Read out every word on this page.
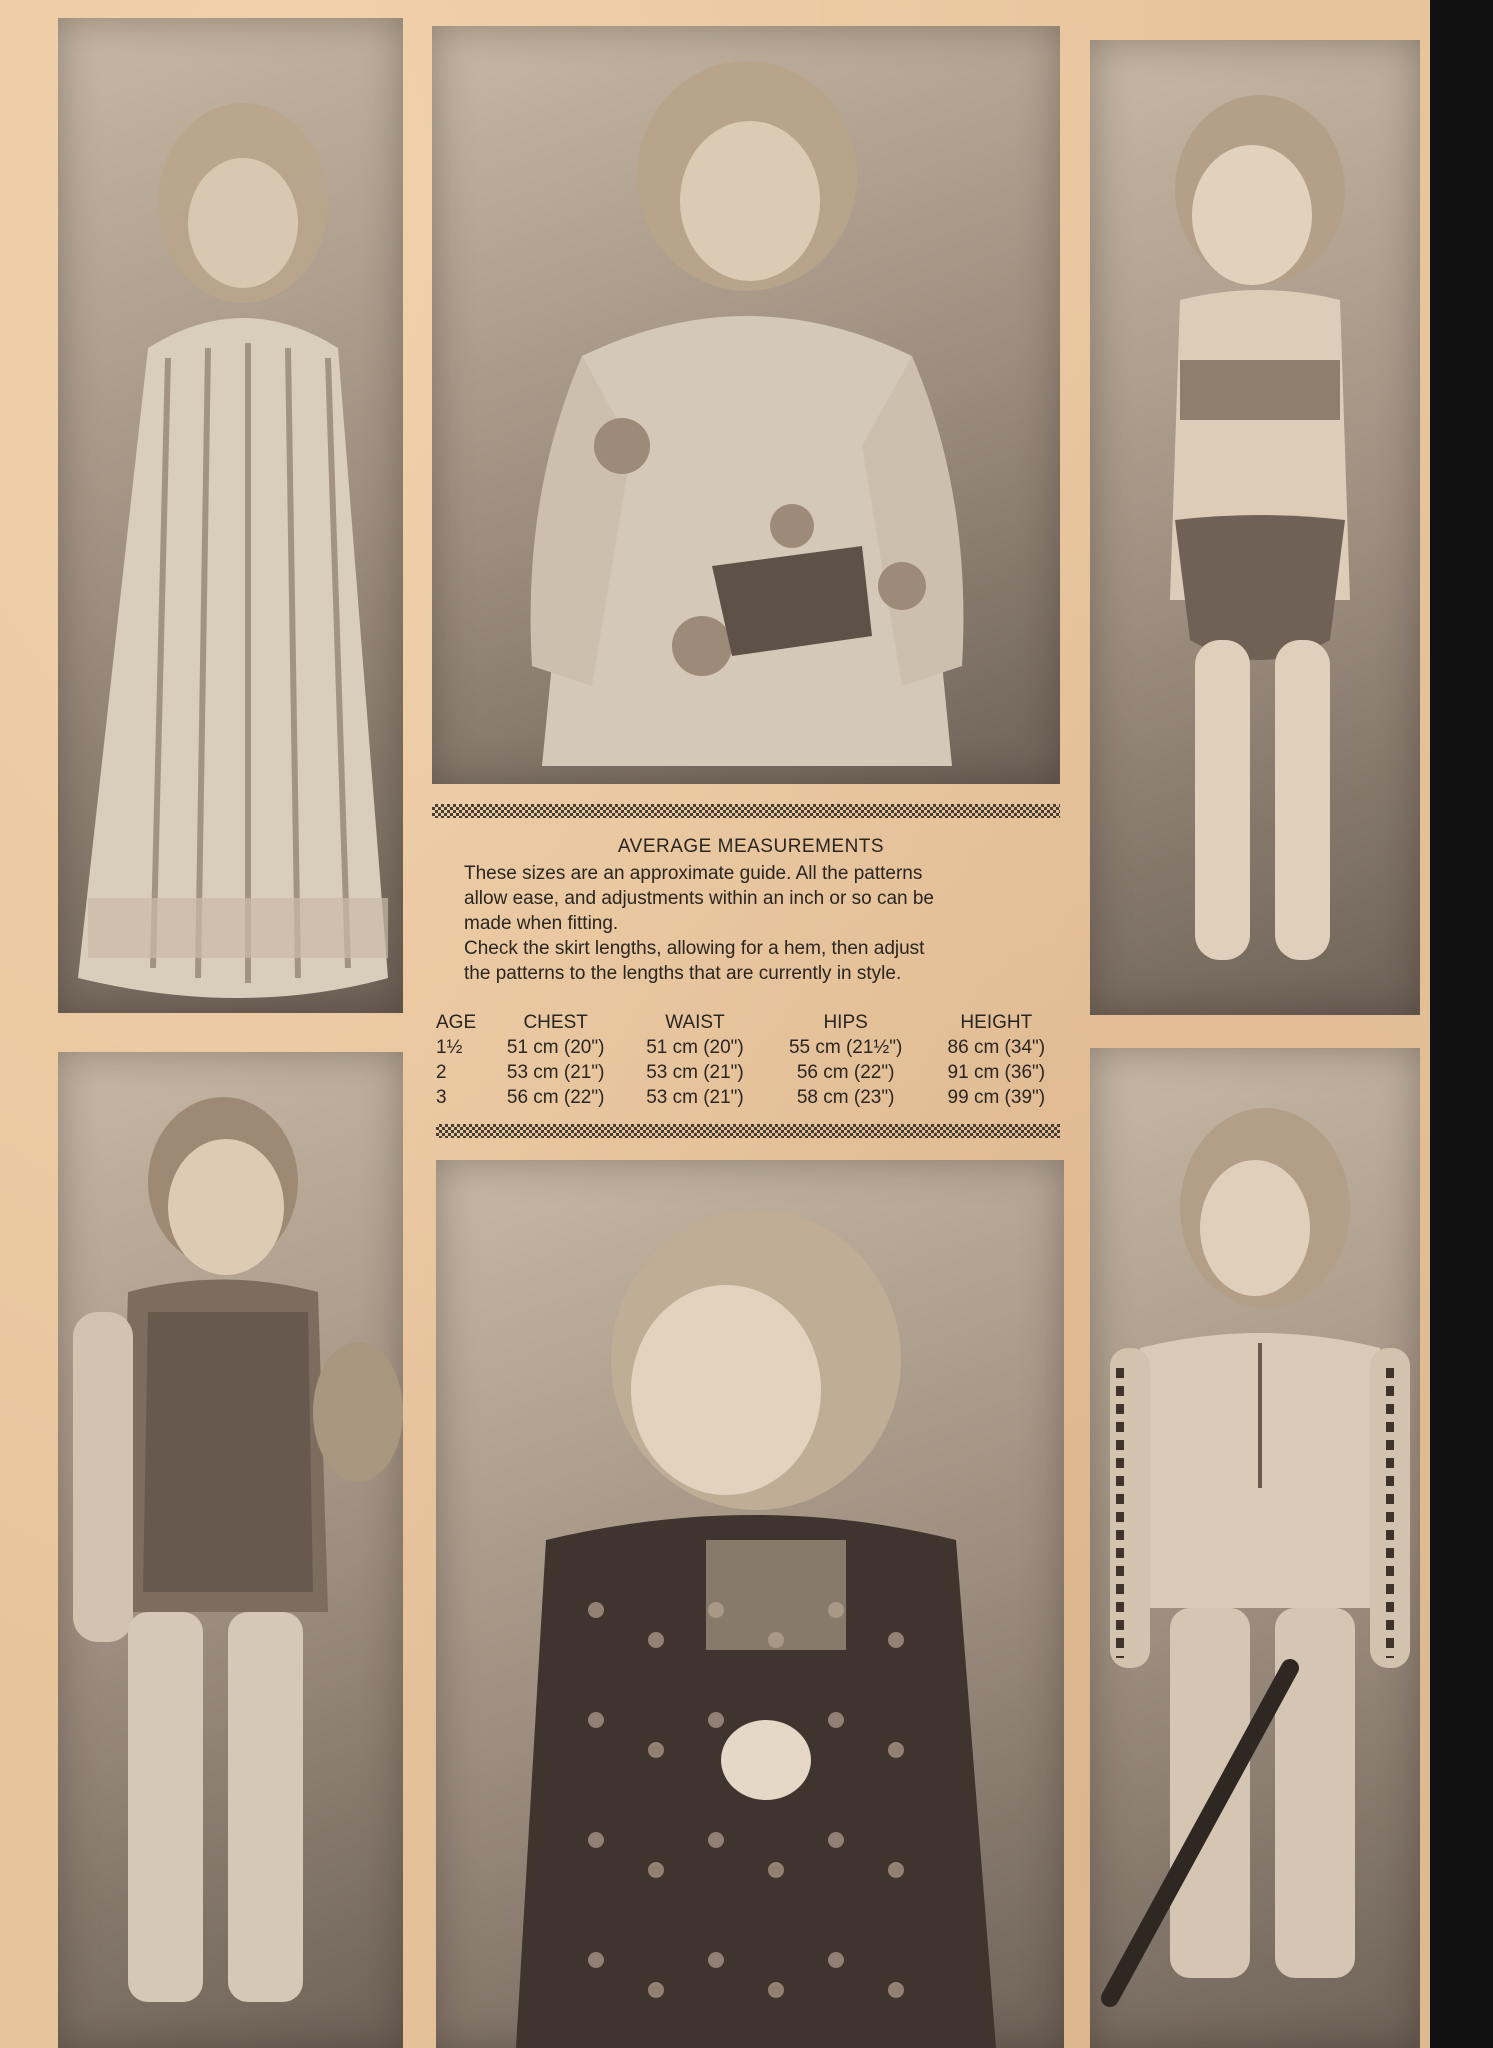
AVERAGE MEASUREMENTS

These sizes are an approximate guide. All the patterns

allow ease, and adjustments within an inch or so can be

made when fitting.

Check the skirt lengths, allowing for a hem, then adjust

the patterns to the lengths that are currently in style.

AGE	CHEST	WAIST	HIPS	HEIGHT
1½	51 cm (20")	51 cm (20")	55 cm (21½")	86 cm (34")
2	53 cm (21")	53 cm (21")	56 cm (22")	91 cm (36")
3	56 cm (22")	53 cm (21")	58 cm (23")	99 cm (39")
